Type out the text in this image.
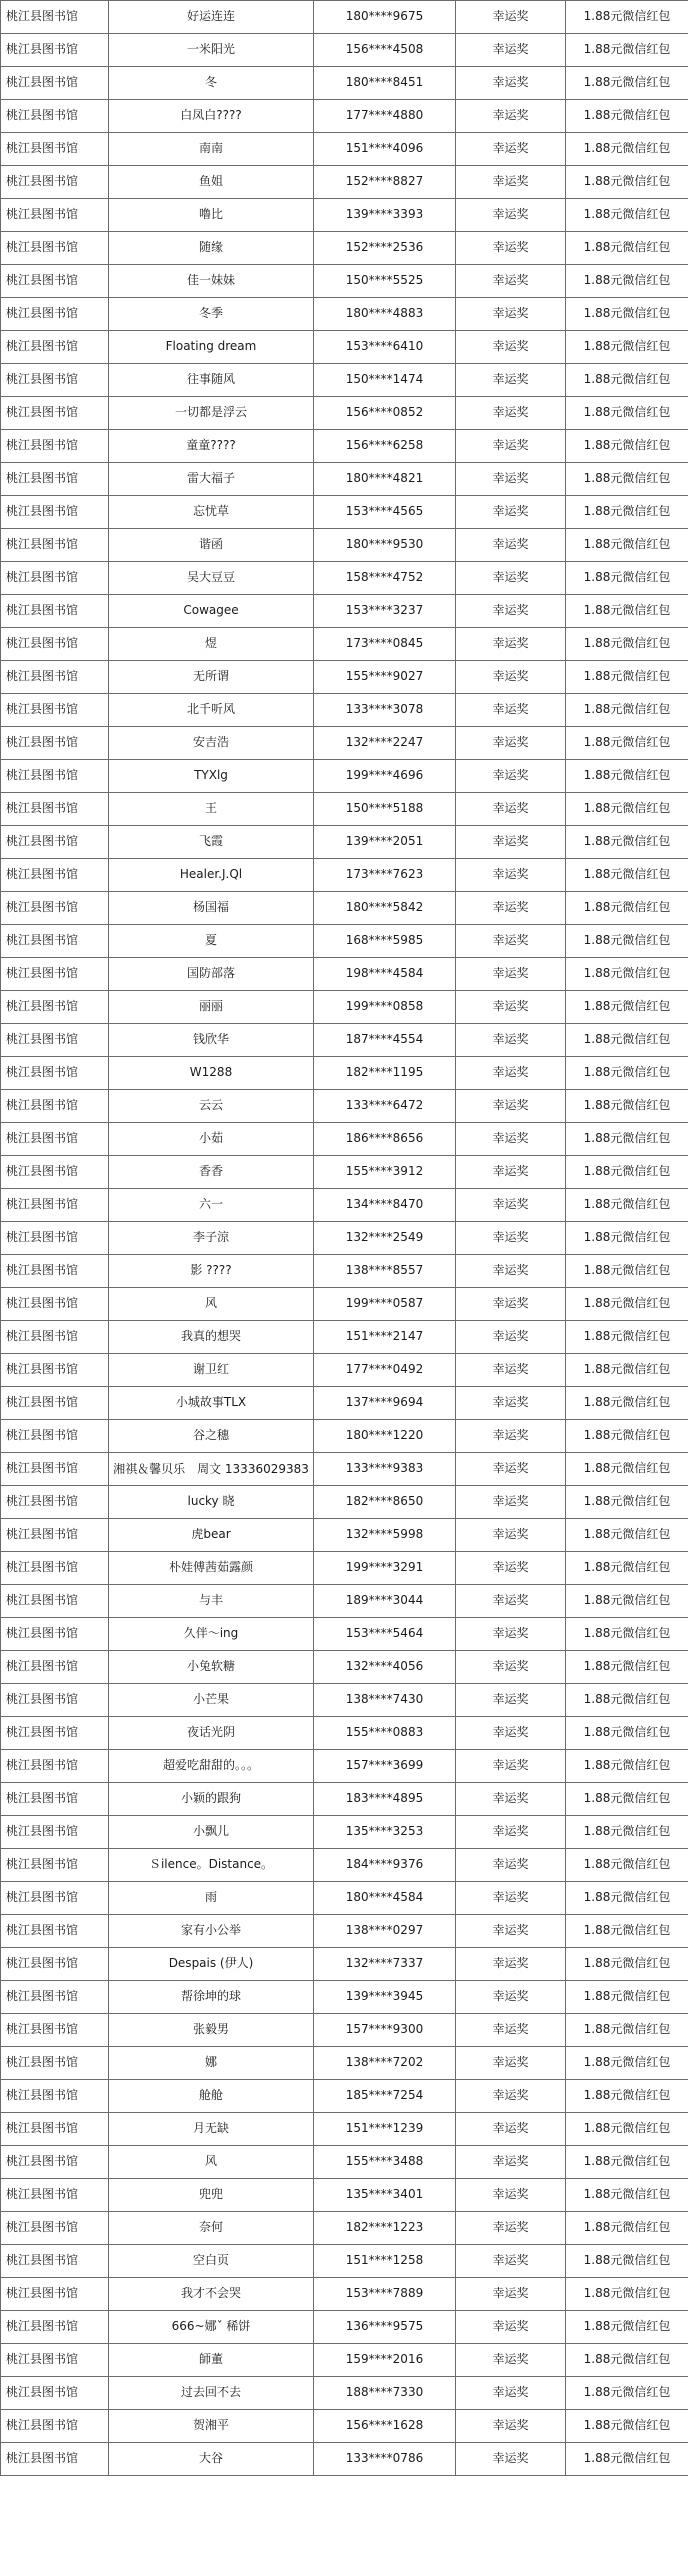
桃江县图书馆	好运连连	180****9675	幸运奖	1.88元微信红包
桃江县图书馆	一米阳光	156****4508	幸运奖	1.88元微信红包
桃江县图书馆	冬	180****8451	幸运奖	1.88元微信红包
桃江县图书馆	白凤白????	177****4880	幸运奖	1.88元微信红包
桃江县图书馆	南南	151****4096	幸运奖	1.88元微信红包
桃江县图书馆	鱼姐	152****8827	幸运奖	1.88元微信红包
桃江县图书馆	噜比	139****3393	幸运奖	1.88元微信红包
桃江县图书馆	随缘	152****2536	幸运奖	1.88元微信红包
桃江县图书馆	佳一妹妹	150****5525	幸运奖	1.88元微信红包
桃江县图书馆	冬季	180****4883	幸运奖	1.88元微信红包
桃江县图书馆	Floating dream	153****6410	幸运奖	1.88元微信红包
桃江县图书馆	往事随风	150****1474	幸运奖	1.88元微信红包
桃江县图书馆	一切都是浮云	156****0852	幸运奖	1.88元微信红包
桃江县图书馆	童童????	156****6258	幸运奖	1.88元微信红包
桃江县图书馆	雷大福子	180****4821	幸运奖	1.88元微信红包
桃江县图书馆	忘忧草	153****4565	幸运奖	1.88元微信红包
桃江县图书馆	谐函	180****9530	幸运奖	1.88元微信红包
桃江县图书馆	吴大豆豆	158****4752	幸运奖	1.88元微信红包
桃江县图书馆	Cowagee	153****3237	幸运奖	1.88元微信红包
桃江县图书馆	煜	173****0845	幸运奖	1.88元微信红包
桃江县图书馆	无所谓	155****9027	幸运奖	1.88元微信红包
桃江县图书馆	北千听风	133****3078	幸运奖	1.88元微信红包
桃江县图书馆	安吉浩	132****2247	幸运奖	1.88元微信红包
桃江县图书馆	TYXlg	199****4696	幸运奖	1.88元微信红包
桃江县图书馆	王	150****5188	幸运奖	1.88元微信红包
桃江县图书馆	飞霞	139****2051	幸运奖	1.88元微信红包
桃江县图书馆	Healer.J.Ql	173****7623	幸运奖	1.88元微信红包
桃江县图书馆	杨国福	180****5842	幸运奖	1.88元微信红包
桃江县图书馆	夏	168****5985	幸运奖	1.88元微信红包
桃江县图书馆	国防部落	198****4584	幸运奖	1.88元微信红包
桃江县图书馆	丽丽	199****0858	幸运奖	1.88元微信红包
桃江县图书馆	钱欣华	187****4554	幸运奖	1.88元微信红包
桃江县图书馆	W1288	182****1195	幸运奖	1.88元微信红包
桃江县图书馆	云云	133****6472	幸运奖	1.88元微信红包
桃江县图书馆	小茹	186****8656	幸运奖	1.88元微信红包
桃江县图书馆	香香	155****3912	幸运奖	1.88元微信红包
桃江县图书馆	六一	134****8470	幸运奖	1.88元微信红包
桃江县图书馆	李子涼	132****2549	幸运奖	1.88元微信红包
桃江县图书馆	影 ????	138****8557	幸运奖	1.88元微信红包
桃江县图书馆	风	199****0587	幸运奖	1.88元微信红包
桃江县图书馆	我真的想哭	151****2147	幸运奖	1.88元微信红包
桃江县图书馆	谢卫红	177****0492	幸运奖	1.88元微信红包
桃江县图书馆	小城故事TLX	137****9694	幸运奖	1.88元微信红包
桃江县图书馆	谷之穗	180****1220	幸运奖	1.88元微信红包
桃江县图书馆	湘祺＆馨贝乐　周文 13336029383	133****9383	幸运奖	1.88元微信红包
桃江县图书馆	lucky 晓	182****8650	幸运奖	1.88元微信红包
桃江县图书馆	虎bear	132****5998	幸运奖	1.88元微信红包
桃江县图书馆	朴娃傅茜茹露颜	199****3291	幸运奖	1.88元微信红包
桃江县图书馆	与丰	189****3044	幸运奖	1.88元微信红包
桃江县图书馆	久伴～ing	153****5464	幸运奖	1.88元微信红包
桃江县图书馆	小兔软糖	132****4056	幸运奖	1.88元微信红包
桃江县图书馆	小芒果	138****7430	幸运奖	1.88元微信红包
桃江县图书馆	夜话光阴	155****0883	幸运奖	1.88元微信红包
桃江县图书馆	超爱吃甜甜的。。。	157****3699	幸运奖	1.88元微信红包
桃江县图书馆	小颖的跟狗	183****4895	幸运奖	1.88元微信红包
桃江县图书馆	小飘儿	135****3253	幸运奖	1.88元微信红包
桃江县图书馆	Ｓilence。Distance。	184****9376	幸运奖	1.88元微信红包
桃江县图书馆	雨	180****4584	幸运奖	1.88元微信红包
桃江县图书馆	家有小公举	138****0297	幸运奖	1.88元微信红包
桃江县图书馆	Despais (伊人)	132****7337	幸运奖	1.88元微信红包
桃江县图书馆	帮徐坤的球	139****3945	幸运奖	1.88元微信红包
桃江县图书馆	张毅男	157****9300	幸运奖	1.88元微信红包
桃江县图书馆	娜	138****7202	幸运奖	1.88元微信红包
桃江县图书馆	舱舱	185****7254	幸运奖	1.88元微信红包
桃江县图书馆	月无缺	151****1239	幸运奖	1.88元微信红包
桃江县图书馆	风	155****3488	幸运奖	1.88元微信红包
桃江县图书馆	兜兜	135****3401	幸运奖	1.88元微信红包
桃江县图书馆	奈何	182****1223	幸运奖	1.88元微信红包
桃江县图书馆	空白页	151****1258	幸运奖	1.88元微信红包
桃江县图书馆	我才不会哭	153****7889	幸运奖	1.88元微信红包
桃江县图书馆	666~娜ˇ 稀饼	136****9575	幸运奖	1.88元微信红包
桃江县图书馆	師董	159****2016	幸运奖	1.88元微信红包
桃江县图书馆	过去回不去	188****7330	幸运奖	1.88元微信红包
桃江县图书馆	贺湘平	156****1628	幸运奖	1.88元微信红包
桃江县图书馆	大谷	133****0786	幸运奖	1.88元微信红包
